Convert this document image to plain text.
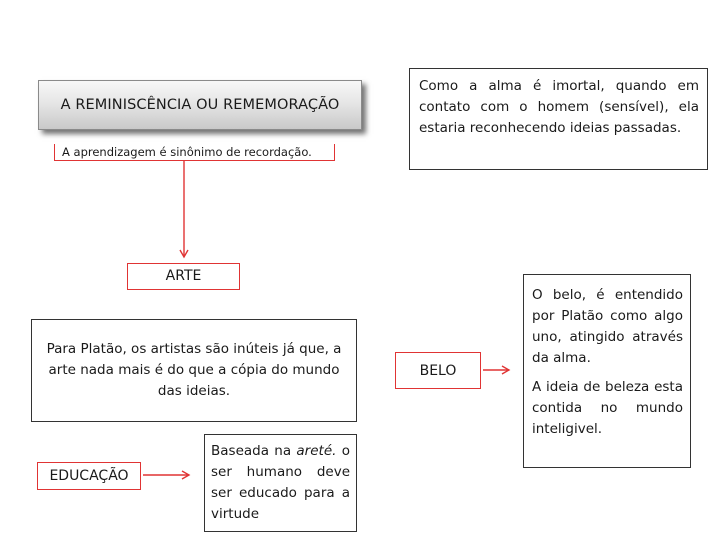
A REMINISCÊNCIA OU REMEMORAÇÃO
A aprendizagem é sinônimo de recordação.
Como a alma é imortal, quando em contato com o homem (sensível), ela estaria reconhecendo ideias passadas.
ARTE
Para Platão, os artistas são inúteis já que, a arte nada mais é do que a cópia do mundo das ideias.
BELO

O belo, é entendido por Platão como algo uno, atingido através da alma.

A ideia de beleza esta contida no mundo inteligivel.

EDUCAÇÃO
Baseada na areté. o ser humano deve ser educado para a virtude
